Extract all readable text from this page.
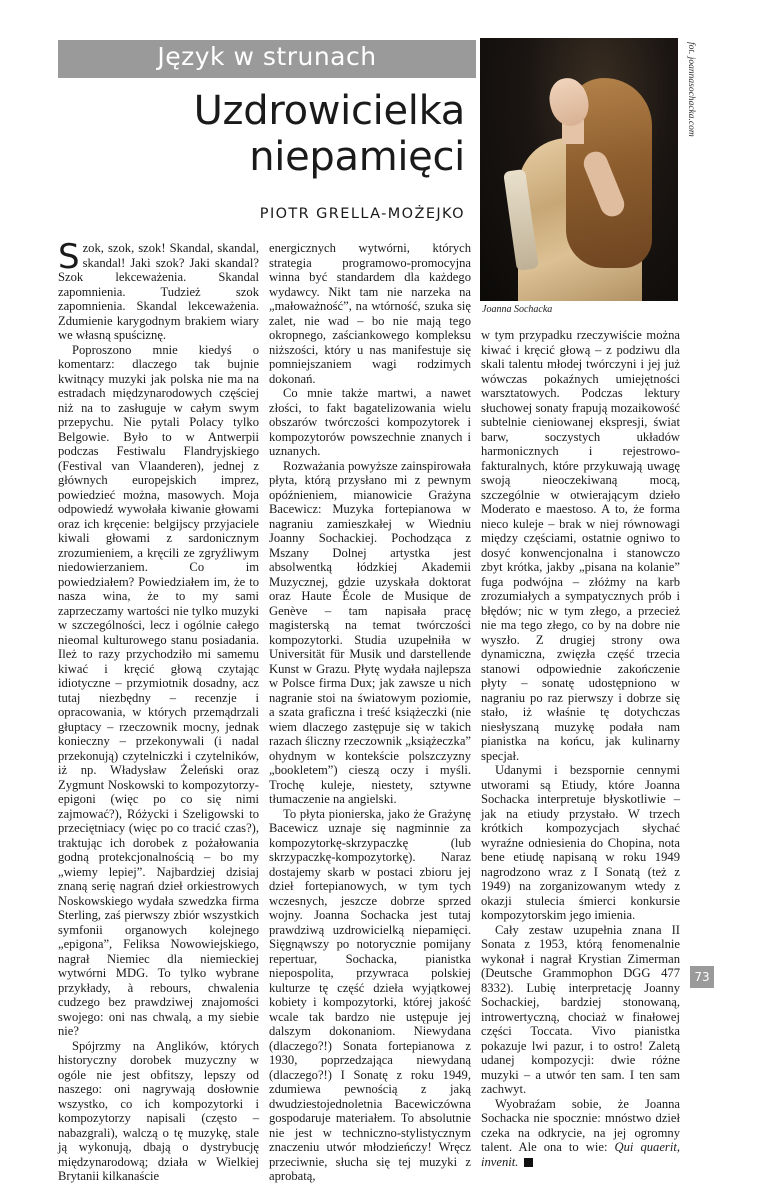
Język w strunach
Uzdrowicielka
niepamięci
PIOTR GRELLA-MOŻEJKO
fot. joannasochacka.com
Joanna Sochacka

Szok, szok, szok! Skandal, skandal, skandal! Jaki szok? Jaki skandal? Szok lekceważenia. Skandal zapomnienia. Tudzież szok zapomnienia. Skandal lekceważenia. Zdumienie karygodnym brakiem wiary we własną spuściznę.

Poproszono mnie kiedyś o komentarz: dlaczego tak bujnie kwitnący muzyki jak polska nie ma na estradach międzynarodowych częściej niż na to zasługuje w całym swym przepychu. Nie pytali Polacy tylko Belgowie. Było to w Antwerpii podczas Festiwalu Flandryjskiego (Festival van Vlaanderen), jednej z głównych europejskich imprez, powiedzieć można, masowych. Moja odpowiedź wywołała kiwanie głowami oraz ich kręcenie: belgijscy przyjaciele kiwali głowami z sardonicznym zrozumieniem, a kręcili ze zgryźliwym niedowierzaniem. Co im powiedziałem? Powiedziałem im, że to nasza wina, że to my sami zaprzeczamy wartości nie tylko muzyki w szczególności, lecz i ogólnie całego nieomal kulturowego stanu posiadania. Ileż to razy przychodziło mi samemu kiwać i kręcić głową czytając idiotyczne – przymiotnik dosadny, acz tutaj niezbędny – recenzje i opracowania, w których przemądrzali głuptacy – rzeczownik mocny, jednak konieczny – przekonywali (i nadal przekonują) czytelniczki i czytelników, iż np. Władysław Żeleński oraz Zygmunt Noskowski to kompozytorzy-epigoni (więc po co się nimi zajmować?), Różycki i Szeligowski to przeciętniacy (więc po co tracić czas?), traktując ich dorobek z pożałowania godną protekcjonalnością – bo my „wiemy lepiej”. Najbardziej dzisiaj znaną serię nagrań dzieł orkiestrowych Noskowskiego wydała szwedzka firma Sterling, zaś pierwszy zbiór wszystkich symfonii organowych kolejnego „epigona”, Feliksa Nowowiejskiego, nagrał Niemiec dla niemieckiej wytwórni MDG. To tylko wybrane przykłady, à rebours, chwalenia cudzego bez prawdziwej znajomości swojego: oni nas chwalą, a my siebie nie?

Spójrzmy na Anglików, których historyczny dorobek muzyczny w ogóle nie jest obfitszy, lepszy od naszego: oni nagrywają dosłownie wszystko, co ich kompozytorki i kompozytorzy napisali (często – nabazgrali), walczą o tę muzykę, stale ją wykonują, dbają o dystrybucję międzynarodową; działa w Wielkiej Brytanii kilkanaście

energicznych wytwórni, których strategia programowo-promocyjna winna być standardem dla każdego wydawcy. Nikt tam nie narzeka na „małoważność”, na wtórność, szuka się zalet, nie wad – bo nie mają tego okropnego, zaściankowego kompleksu niższości, który u nas manifestuje się pomniejszaniem wagi rodzimych dokonań.

Co mnie także martwi, a nawet złości, to fakt bagatelizowania wielu obszarów twórczości kompozytorek i kompozytorów powszechnie znanych i uznanych.

Rozważania powyższe zainspirowała płyta, którą przysłano mi z pewnym opóźnieniem, mianowicie Grażyna Bacewicz: Muzyka fortepianowa w nagraniu zamieszkałej w Wiedniu Joanny Sochackiej. Pochodząca z Mszany Dolnej artystka jest absolwentką łódzkiej Akademii Muzycznej, gdzie uzyskała doktorat oraz Haute École de Musique de Genève – tam napisała pracę magisterską na temat twórczości kompozytorki. Studia uzupełniła w Universität für Musik und darstellende Kunst w Grazu. Płytę wydała najlepsza w Polsce firma Dux; jak zawsze u nich nagranie stoi na światowym poziomie, a szata graficzna i treść książeczki (nie wiem dlaczego zastępuje się w takich razach śliczny rzeczownik „książeczka” ohydnym w kontekście polszczyzny „bookletem”) cieszą oczy i myśli. Trochę kuleje, niestety, sztywne tłumaczenie na angielski.

To płyta pionierska, jako że Grażynę Bacewicz uznaje się nagminnie za kompozytorkę-skrzypaczkę (lub skrzypaczkę-kompozytorkę). Naraz dostajemy skarb w postaci zbioru jej dzieł fortepianowych, w tym tych wczesnych, jeszcze dobrze sprzed wojny. Joanna Sochacka jest tutaj prawdziwą uzdrowicielką niepamięci. Sięgnąwszy po notorycznie pomijany repertuar, Sochacka, pianistka niepospolita, przywraca polskiej kulturze tę część dzieła wyjątkowej kobiety i kompozytorki, której jakość wcale tak bardzo nie ustępuje jej dalszym dokonaniom. Niewydana (dlaczego?!) Sonata fortepianowa z 1930, poprzedzająca niewydaną (dlaczego?!) I Sonatę z roku 1949, zdumiewa pewnością z jaką dwudziestojednoletnia Bacewiczówna gospodaruje materiałem. To absolutnie nie jest w techniczno-stylistycznym znaczeniu utwór młodzieńczy! Wręcz przeciwnie, słucha się tej muzyki z aprobatą,

w tym przypadku rzeczywiście można kiwać i kręcić głową – z podziwu dla skali talentu młodej twórczyni i jej już wówczas pokaźnych umiejętności warsztatowych. Podczas lektury słuchowej sonaty frapują mozaikowość subtelnie cieniowanej ekspresji, świat barw, soczystych układów harmonicznych i rejestrowo-fakturalnych, które przykuwają uwagę swoją nieoczekiwaną mocą, szczególnie w otwierającym dzieło Moderato e maestoso. A to, że forma nieco kuleje – brak w niej równowagi między częściami, ostatnie ogniwo to dosyć konwencjonalna i stanowczo zbyt krótka, jakby „pisana na kolanie” fuga podwójna – złóżmy na karb zrozumiałych a sympatycznych prób i błędów; nic w tym złego, a przecież nie ma tego złego, co by na dobre nie wyszło. Z drugiej strony owa dynamiczna, zwięzła część trzecia stanowi odpowiednie zakończenie płyty – sonatę udostępniono w nagraniu po raz pierwszy i dobrze się stało, iż właśnie tę dotychczas niesłyszaną muzykę podała nam pianistka na końcu, jak kulinarny specjał.

Udanymi i bezspornie cennymi utworami są Etiudy, które Joanna Sochacka interpretuje błyskotliwie – jak na etiudy przystało. W trzech krótkich kompozycjach słychać wyraźne odniesienia do Chopina, nota bene etiudę napisaną w roku 1949 nagrodzono wraz z I Sonatą (też z 1949) na zorganizowanym wtedy z okazji stulecia śmierci konkursie kompozytorskim jego imienia.

Cały zestaw uzupełnia znana II Sonata z 1953, którą fenomenalnie wykonał i nagrał Krystian Zimerman (Deutsche Grammophon DGG 477 8332). Lubię interpretację Joanny Sochackiej, bardziej stonowaną, introwertyczną, chociaż w finałowej części Toccata. Vivo pianistka pokazuje lwi pazur, i to ostro! Zaletą udanej kompozycji: dwie różne muzyki – a utwór ten sam. I ten sam zachwyt.

Wyobraźam sobie, że Joanna Sochacka nie spocznie: mnóstwo dzieł czeka na odkrycie, na jej ogromny talent. Ale ona to wie: Qui quaerit, invenit.

73
